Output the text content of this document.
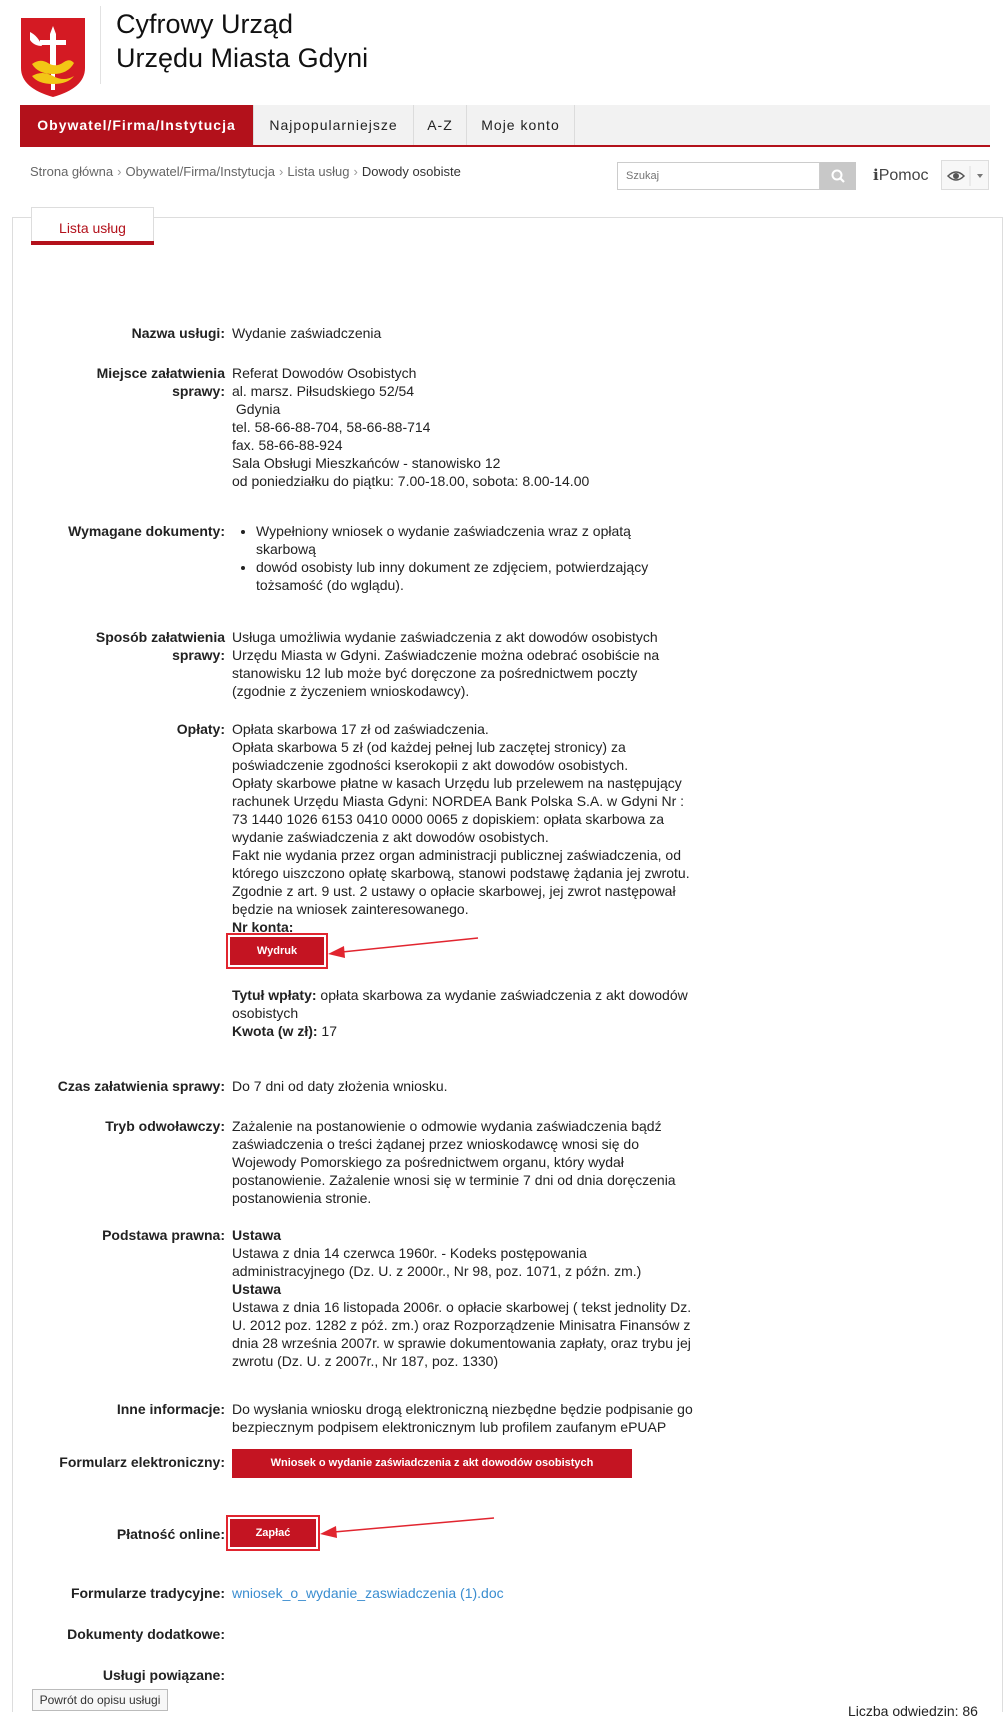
Cyfrowy Urząd
Urzędu Miasta Gdyni
Obywatel/Firma/Instytucja	Najpopularniejsze	A-Z	Moje konto
Strona główna › Obywatel/Firma/Instytucja › Lista usług › Dowody osobiste
Szukaj	iPomoc
Lista usług
Nazwa usługi: Wydanie zaświadczenia
Miejsce załatwienia
sprawy:
Referat Dowodów Osobistych
al. marsz. Piłsudskiego 52/54
Gdynia
tel. 58-66-88-704, 58-66-88-714
fax. 58-66-88-924
Sala Obsługi Mieszkańców - stanowisko 12
od poniedziałku do piątku: 7.00-18.00, sobota: 8.00-14.00
Wymagane dokumenty:
• Wypełniony wniosek o wydanie zaświadczenia wraz z opłatą skarbową
• dowód osobisty lub inny dokument ze zdjęciem, potwierdzający tożsamość (do wglądu).
Sposób załatwienia
sprawy:
Usługa umożliwia wydanie zaświadczenia z akt dowodów osobistych
Urzędu Miasta w Gdyni. Zaświadczenie można odebrać osobiście na
stanowisku 12 lub może być doręczone za pośrednictwem poczty
(zgodnie z życzeniem wnioskodawcy).
Opłaty: Opłata skarbowa 17 zł od zaświadczenia.
Opłata skarbowa 5 zł (od każdej pełnej lub zaczętej stronicy) za
poświadczenie zgodności kserokopii z akt dowodów osobistych.
Opłaty skarbowe płatne w kasach Urzędu lub przelewem na następujący
rachunek Urzędu Miasta Gdyni: NORDEA Bank Polska S.A. w Gdyni Nr :
73 1440 1026 6153 0410 0000 0065 z dopiskiem: opłata skarbowa za
wydanie zaświadczenia z akt dowodów osobistych.
Fakt nie wydania przez organ administracji publicznej zaświadczenia, od
którego uiszczono opłatę skarbową, stanowi podstawę żądania jej zwrotu.
Zgodnie z art. 9 ust. 2 ustawy o opłacie skarbowej, jej zwrot następował
będzie na wniosek zainteresowanego.
Nr konta:
Wydruk
Tytuł wpłaty: opłata skarbowa za wydanie zaświadczenia z akt dowodów
osobistych
Kwota (w zł): 17
Czas załatwienia sprawy: Do 7 dni od daty złożenia wniosku.
Tryb odwoławczy: Zażalenie na postanowienie o odmowie wydania zaświadczenia bądź
zaświadczenia o treści żądanej przez wnioskodawcę wnosi się do
Wojewody Pomorskiego za pośrednictwem organu, który wydał
postanowienie. Zażalenie wnosi się w terminie 7 dni od dnia doręczenia
postanowienia stronie.
Podstawa prawna: Ustawa
Ustawa z dnia 14 czerwca 1960r. - Kodeks postępowania
administracyjnego (Dz. U. z 2000r., Nr 98, poz. 1071, z późn. zm.)
Ustawa
Ustawa z dnia 16 listopada 2006r. o opłacie skarbowej ( tekst jednolity Dz.
U. 2012 poz. 1282 z póź. zm.) oraz Rozporządzenie Minisatra Finansów z
dnia 28 września 2007r. w sprawie dokumentowania zapłaty, oraz trybu jej
zwrotu (Dz. U. z 2007r., Nr 187, poz. 1330)
Inne informacje: Do wysłania wniosku drogą elektroniczną niezbędne będzie podpisanie go
bezpiecznym podpisem elektronicznym lub profilem zaufanym ePUAP
Formularz elektroniczny:	Wniosek o wydanie zaświadczenia z akt dowodów osobistych
Płatność online:	Zapłać
Formularze tradycyjne: wniosek_o_wydanie_zaswiadczenia (1).doc
Dokumenty dodatkowe:
Usługi powiązane:
Liczba odwiedzin: 86
Powrót do opisu usługi
